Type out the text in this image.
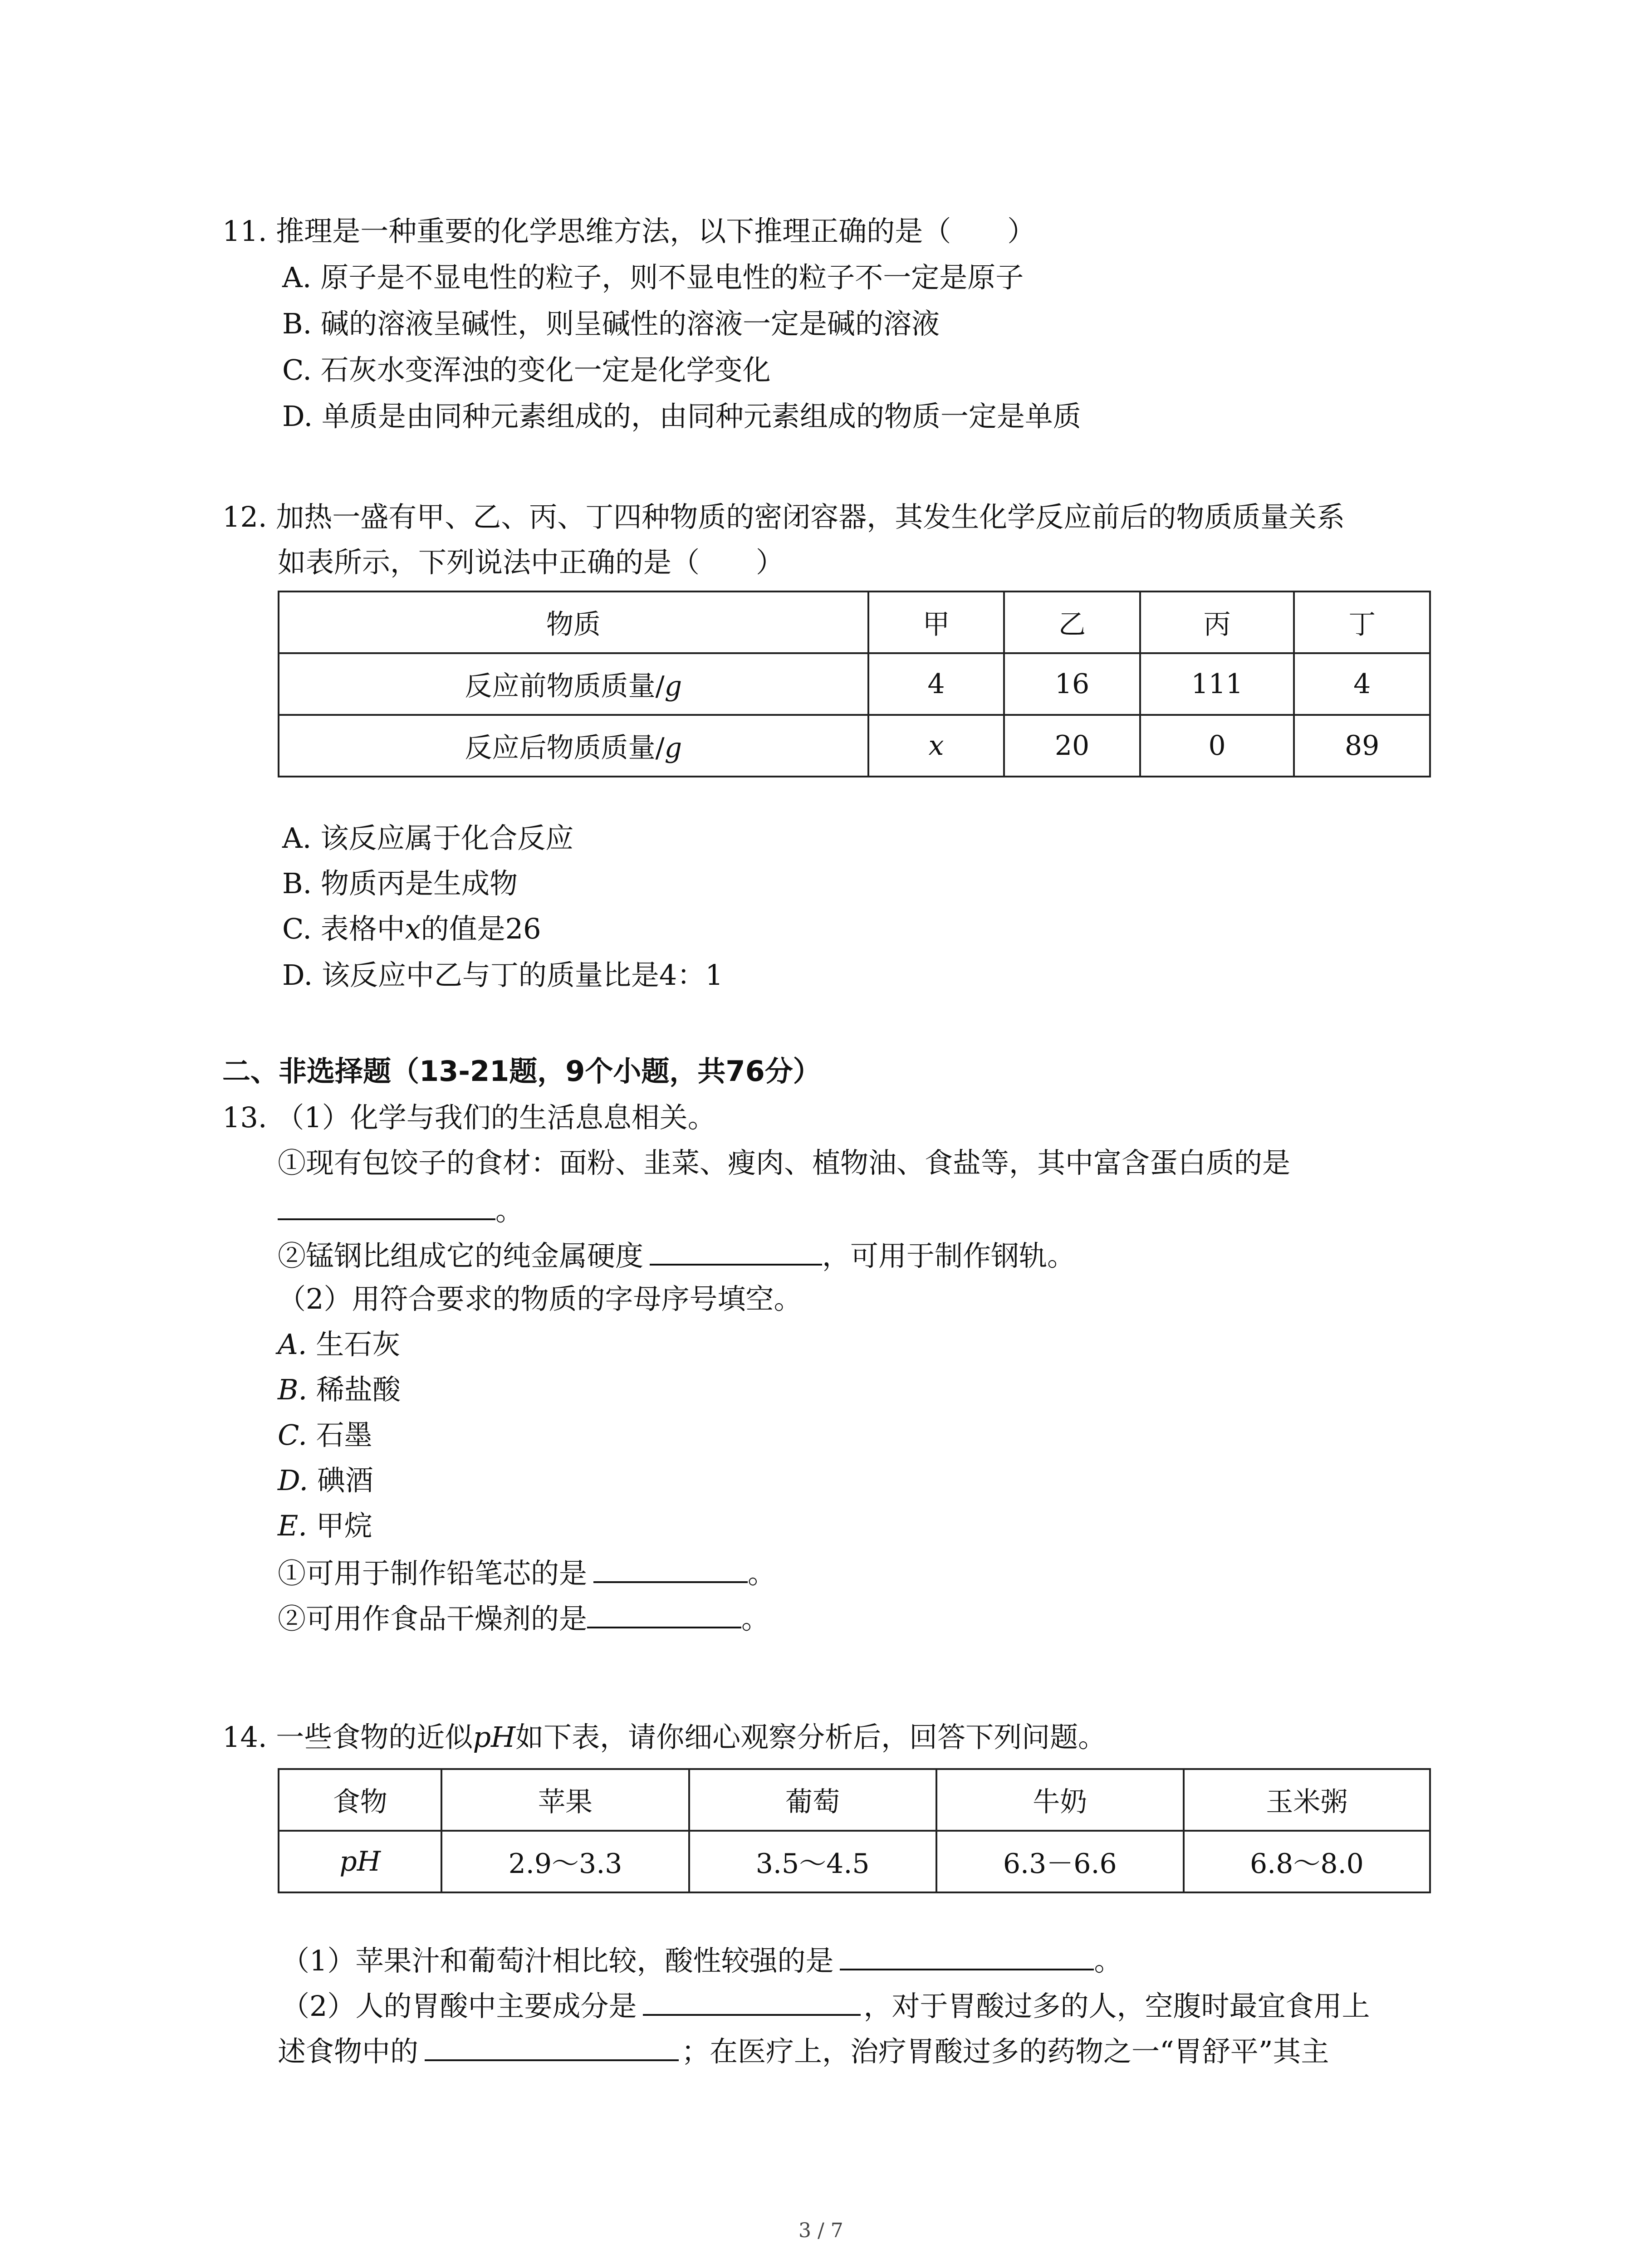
11. 推理是一种重要的化学思维方法，以下推理正确的是（　　）
A. 原子是不显电性的粒子，则不显电性的粒子不一定是原子
B. 碱的溶液呈碱性，则呈碱性的溶液一定是碱的溶液
C. 石灰水变浑浊的变化一定是化学变化
D. 单质是由同种元素组成的，由同种元素组成的物质一定是单质
12. 加热一盛有甲、乙、丙、丁四种物质的密闭容器，其发生化学反应前后的物质质量关系
如表所示，下列说法中正确的是（　　）
物质	甲	乙	丙	丁
反应前物质质量/g	4	16	111	4
反应后物质质量/g	x	20	0	89
A. 该反应属于化合反应
B. 物质丙是生成物
C. 表格中x的值是26
D. 该反应中乙与丁的质量比是4：1
二、非选择题（13-21题，9个小题，共76分）
13. （1）化学与我们的生活息息相关。
①现有包饺子的食材：面粉、韭菜、瘦肉、植物油、食盐等，其中富含蛋白质的是
。
②锰钢比组成它的纯金属硬度	，可用于制作钢轨。
（2）用符合要求的物质的字母序号填空。
A. 生石灰
B. 稀盐酸
C. 石墨
D. 碘酒
E. 甲烷
①可用于制作铅笔芯的是	。
②可用作食品干燥剂的是	。
14. 一些食物的近似pH如下表，请你细心观察分析后，回答下列问题。
食物	苹果	葡萄	牛奶	玉米粥
pH	2.9～3.3	3.5～4.5	6.3－6.6	6.8～8.0
（1）苹果汁和葡萄汁相比较，酸性较强的是	。
（2）人的胃酸中主要成分是	，对于胃酸过多的人，空腹时最宜食用上
述食物中的	；在医疗上，治疗胃酸过多的药物之一“胃舒平”其主
3 / 7
